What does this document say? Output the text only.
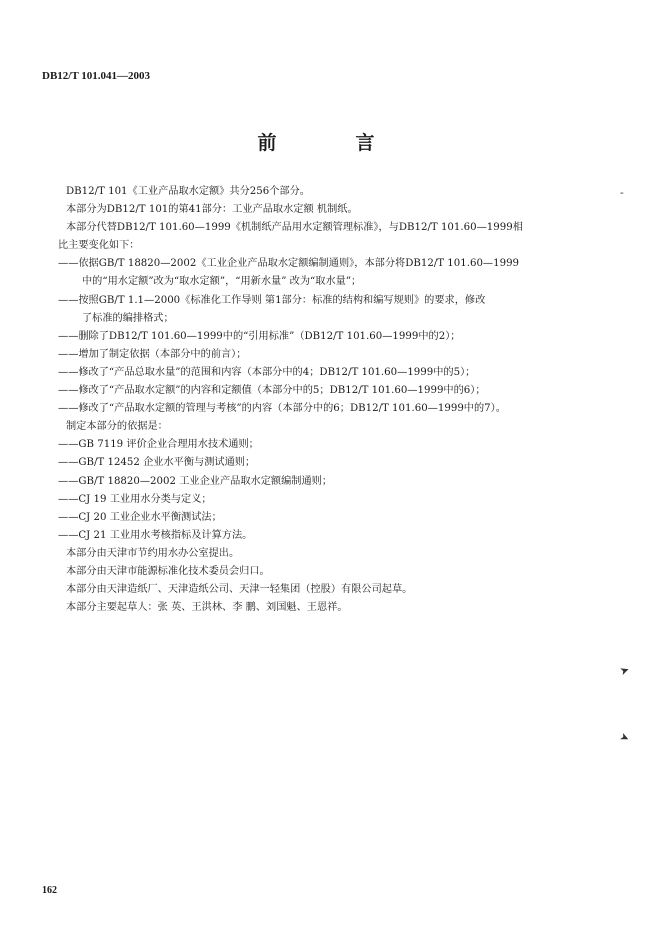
DB12/T 101.041—2003
前　言
DB12/T 101《工业产品取水定额》共分256个部分。
本部分为DB12/T 101的第41部分：工业产品取水定额 机制纸。
本部分代替DB12/T 101.60—1999《机制纸产品用水定额管理标准》，与DB12/T 101.60—1999相
比主要变化如下：
——依据GB/T 18820—2002《工业企业产品取水定额编制通则》，本部分将DB12/T 101.60—1999
中的“用水定额”改为“取水定额”，“用新水量” 改为“取水量”；
——按照GB/T 1.1—2000《标准化工作导则 第1部分：标准的结构和编写规则》的要求，修改
了标准的编排格式；
——删除了DB12/T 101.60—1999中的“引用标准”（DB12/T 101.60—1999中的2）；
——增加了制定依据（本部分中的前言）；
——修改了“产品总取水量”的范围和内容（本部分中的4；DB12/T 101.60—1999中的5）；
——修改了“产品取水定额”的内容和定额值（本部分中的5；DB12/T 101.60—1999中的6）；
——修改了“产品取水定额的管理与考核”的内容（本部分中的6；DB12/T 101.60—1999中的7）。
制定本部分的依据是：
——GB 7119 评价企业合理用水技术通则；
——GB/T 12452 企业水平衡与测试通则；
——GB/T 18820—2002 工业企业产品取水定额编制通则；
——CJ 19 工业用水分类与定义；
——CJ 20 工业企业水平衡测试法；
——CJ 21 工业用水考核指标及计算方法。
本部分由天津市节约用水办公室提出。
本部分由天津市能源标准化技术委员会归口。
本部分由天津造纸厂、天津造纸公司、天津一轻集团（控股）有限公司起草。
本部分主要起草人：张 英、王洪林、李 鹏、刘国魁、王恩祥。
162
-
➤
➤
